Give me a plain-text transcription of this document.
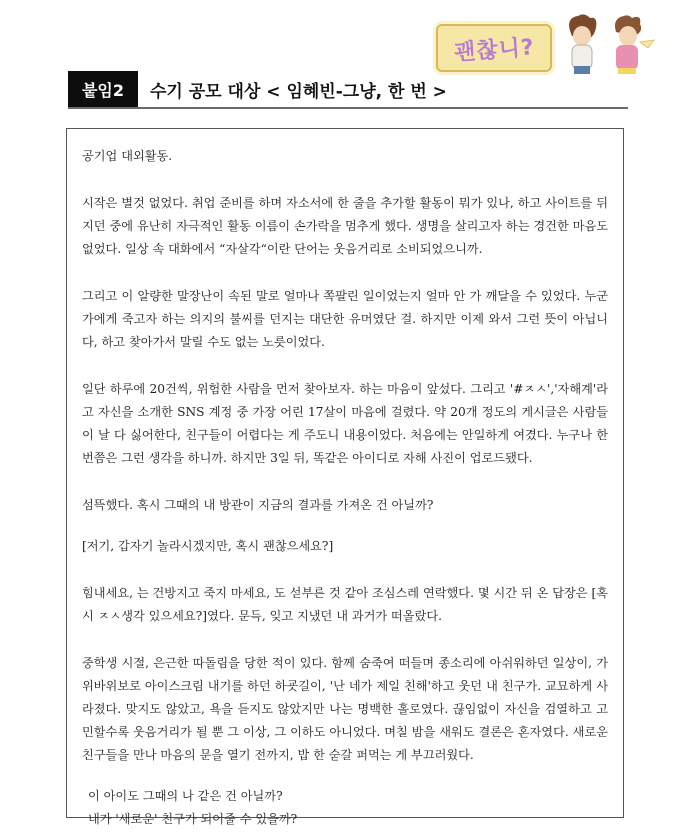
괜찮니?
붙임2	수기 공모 대상 < 임혜빈-그냥, 한 번 >

공기업 대외활동.

시작은 별것 없었다. 취업 준비를 하며 자소서에 한 줄을 추가할 활동이 뭐가 있나, 하고 사이트를 뒤지던 중에 유난히 자극적인 활동 이름이 손가락을 멈추게 했다. 생명을 살리고자 하는 경건한 마음도 없었다. 일상 속 대화에서 “자살각“이란 단어는 웃음거리로 소비되었으니까.

그리고 이 알량한 말장난이 속된 말로 얼마나 쪽팔린 일이었는지 얼마 안 가 깨달을 수 있었다. 누군가에게 죽고자 하는 의지의 불씨를 던지는 대단한 유머였단 걸. 하지만 이제 와서 그런 뜻이 아닙니다, 하고 찾아가서 말릴 수도 없는 노릇이었다.

일단 하루에 20건씩, 위험한 사람을 먼저 찾아보자. 하는 마음이 앞섰다. 그리고 '#ㅈㅅ','자해계'라고 자신을 소개한 SNS 계정 중 가장 어린 17살이 마음에 걸렸다. 약 20개 정도의 게시글은 사람들이 날 다 싫어한다, 친구들이 어렵다는 게 주도니 내용이었다. 처음에는 안일하게 여겼다. 누구나 한 번쯤은 그런 생각을 하니까. 하지만 3일 뒤, 똑같은 아이디로 자해 사진이 업로드됐다.

섬뜩했다. 혹시 그때의 내 방관이 지금의 결과를 가져온 건 아닐까?

[저기, 갑자기 놀라시겠지만, 혹시 괜찮으세요?]

힘내세요, 는 건방지고 죽지 마세요, 도 섣부른 것 같아 조심스레 연락했다. 몇 시간 뒤 온 답장은 [혹시 ㅈㅅ생각 있으세요?]였다. 문득, 잊고 지냈던 내 과거가 떠올랐다.

중학생 시절, 은근한 따돌림을 당한 적이 있다. 함께 숨죽여 떠들며 종소리에 아쉬워하던 일상이, 가위바위보로 아이스크림 내기를 하던 하굣길이, '난 네가 제일 친해'하고 웃던 내 친구가. 교묘하게 사라졌다. 맞지도 않았고, 욕을 듣지도 않았지만 나는 명백한 홀로였다. 끊임없이 자신을 검열하고 고민할수록 웃음거리가 될 뿐 그 이상, 그 이하도 아니었다. 며칠 밤을 새워도 결론은 혼자였다. 새로운 친구들을 만나 마음의 문을 열기 전까지, 밥 한 숟갈 퍼먹는 게 부끄러웠다.

이 아이도 그때의 나 같은 건 아닐까?

내가 '새로운' 친구가 되어줄 수 있을까?
